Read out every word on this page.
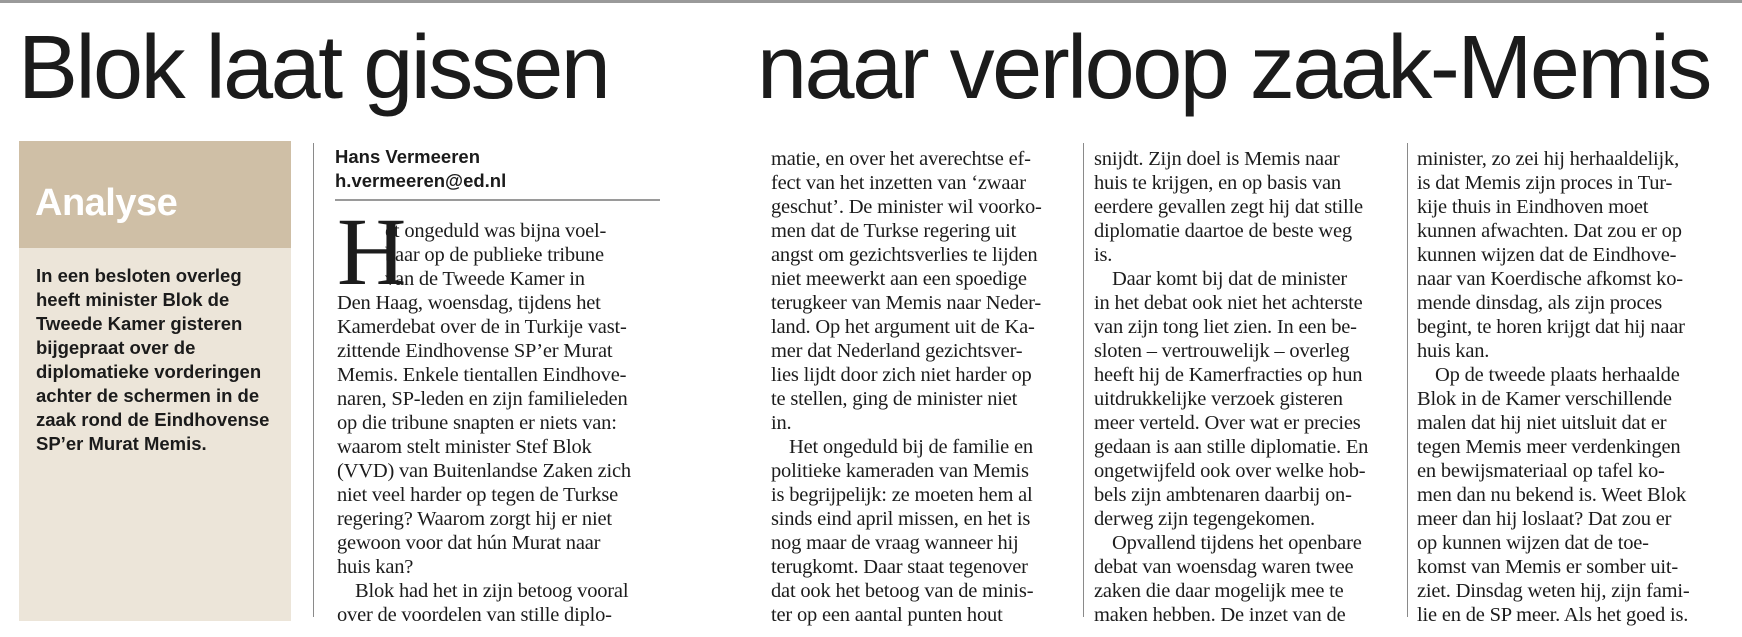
Blok laat gissen naar verloop zaak-Memis
Analyse

In een besloten overleg heeft minister Blok de Tweede Kamer gisteren bijgepraat over de diplomatieke vorderingen achter de schermen in de zaak rond de Eindhovense SP’er Murat Memis.

Hans Vermeeren
h.vermeeren@ed.nl
H
et ongeduld was bijna voel-
baar op de publieke tribune
van de Tweede Kamer in
Den Haag, woensdag, tijdens het
Kamerdebat over de in Turkije vast-
zittende Eindhovense SP’er Murat
Memis. Enkele tientallen Eindhove-
naren, SP-leden en zijn familieleden
op die tribune snapten er niets van:
waarom stelt minister Stef Blok
(VVD) van Buitenlandse Zaken zich
niet veel harder op tegen de Turkse
regering? Waarom zorgt hij er niet
gewoon voor dat hún Murat naar
huis kan?
Blok had het in zijn betoog vooral
over de voordelen van stille diplo-
matie, en over het averechtse ef-
fect van het inzetten van ‘zwaar
geschut’. De minister wil voorko-
men dat de Turkse regering uit
angst om gezichtsverlies te lijden
niet meewerkt aan een spoedige
terugkeer van Memis naar Neder-
land. Op het argument uit de Ka-
mer dat Nederland gezichtsver-
lies lijdt door zich niet harder op
te stellen, ging de minister niet
in.
Het ongeduld bij de familie en
politieke kameraden van Memis
is begrijpelijk: ze moeten hem al
sinds eind april missen, en het is
nog maar de vraag wanneer hij
terugkomt. Daar staat tegenover
dat ook het betoog van de minis-
ter op een aantal punten hout
snijdt. Zijn doel is Memis naar
huis te krijgen, en op basis van
eerdere gevallen zegt hij dat stille
diplomatie daartoe de beste weg
is.
Daar komt bij dat de minister
in het debat ook niet het achterste
van zijn tong liet zien. In een be-
sloten – vertrouwelijk – overleg
heeft hij de Kamerfracties op hun
uitdrukkelijke verzoek gisteren
meer verteld. Over wat er precies
gedaan is aan stille diplomatie. En
ongetwijfeld ook over welke hob-
bels zijn ambtenaren daarbij on-
derweg zijn tegengekomen.
Opvallend tijdens het openbare
debat van woensdag waren twee
zaken die daar mogelijk mee te
maken hebben. De inzet van de
minister, zo zei hij herhaaldelijk,
is dat Memis zijn proces in Tur-
kije thuis in Eindhoven moet
kunnen afwachten. Dat zou er op
kunnen wijzen dat de Eindhove-
naar van Koerdische afkomst ko-
mende dinsdag, als zijn proces
begint, te horen krijgt dat hij naar
huis kan.
Op de tweede plaats herhaalde
Blok in de Kamer verschillende
malen dat hij niet uitsluit dat er
tegen Memis meer verdenkingen
en bewijsmateriaal op tafel ko-
men dan nu bekend is. Weet Blok
meer dan hij loslaat? Dat zou er
op kunnen wijzen dat de toe-
komst van Memis er somber uit-
ziet. Dinsdag weten hij, zijn fami-
lie en de SP meer. Als het goed is.
